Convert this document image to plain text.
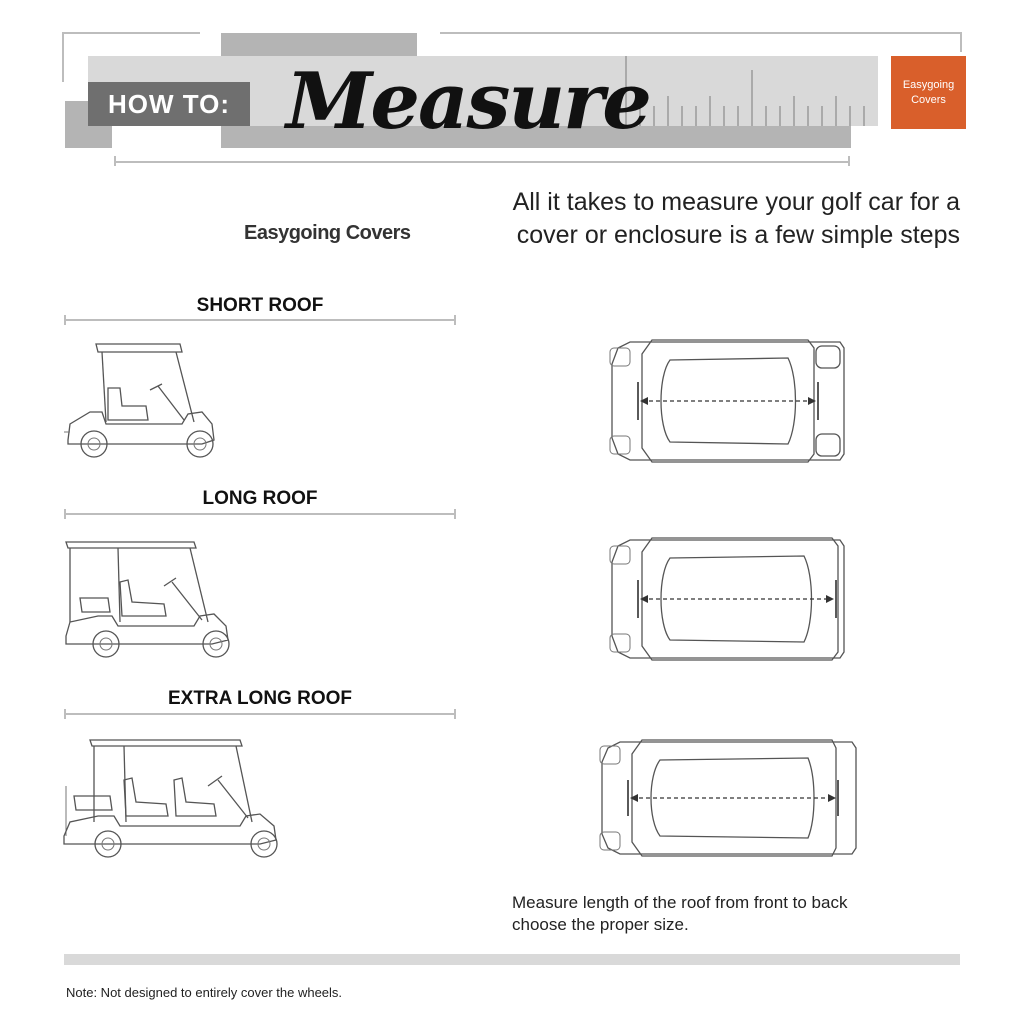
HOW TO: Measure	Easygoing
Covers
Easygoing Covers
All it takes to measure your golf car for a
cover or enclosure is a few simple steps
SHORT ROOF
LONG ROOF
EXTRA LONG ROOF
Measure length of the roof from front to back
choose the proper size.
Note: Not designed to entirely cover the wheels.
